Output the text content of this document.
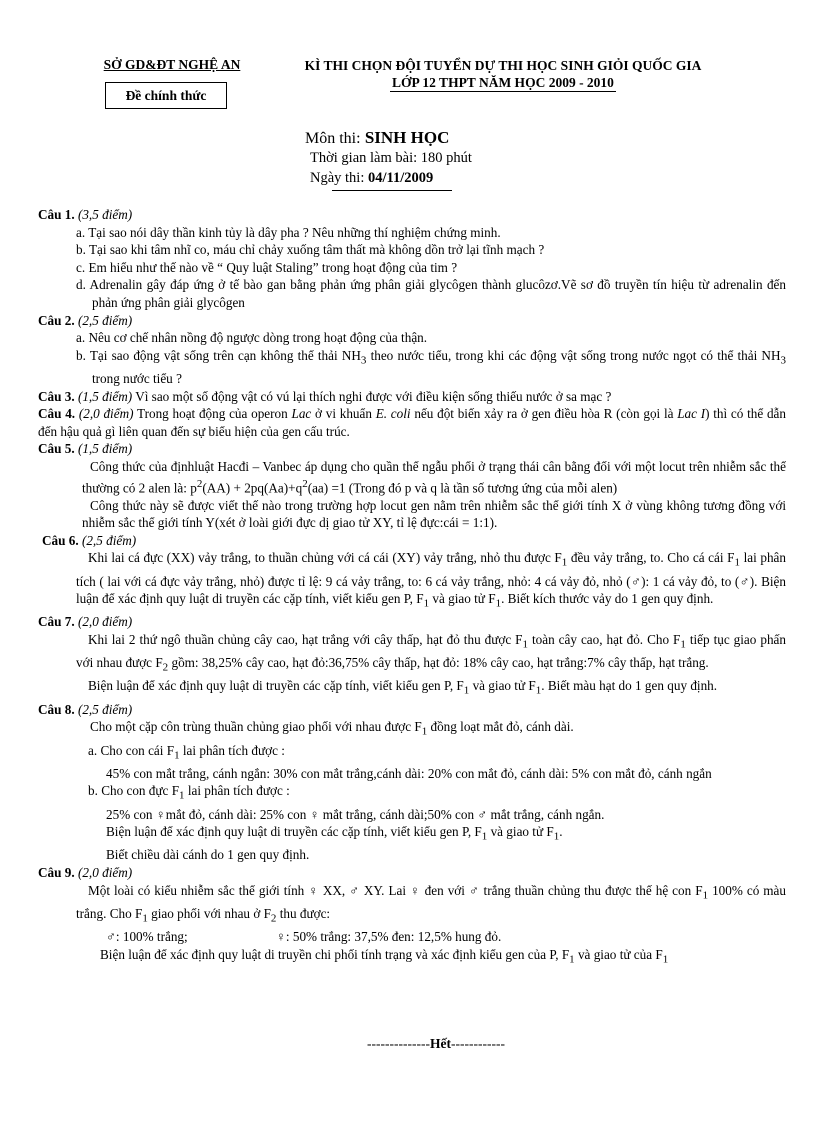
SỞ GD&ĐT NGHỆ AN
Đề chính thức
KÌ THI CHỌN ĐỘI TUYỂN DỰ THI HỌC SINH GIỎI QUỐC GIA
LỚP 12 THPT NĂM HỌC 2009 - 2010
Môn thi: SINH HỌC
Thời gian làm bài: 180 phút
Ngày thi: 04/11/2009
Câu 1. (3,5 điểm)
a. Tại sao nói dây thần kinh tủy là dây pha ? Nêu những thí nghiệm chứng minh.
b. Tại sao khi tâm nhĩ co, máu chỉ chảy xuống tâm thất mà không dồn trở lại tĩnh mạch ?
c. Em hiểu như thế nào về “ Quy luật Staling” trong hoạt động của tim ?
d. Adrenalin gây đáp ứng ở tế bào gan bằng phản ứng phân giải glycôgen thành glucôzơ.Vẽ sơ đồ truyền tín hiệu từ adrenalin đến phản ứng phân giải glycôgen
Câu 2. (2,5 điểm)
a. Nêu cơ chế nhân nồng độ ngược dòng trong hoạt động của thận.
b. Tại sao động vật sống trên cạn không thể thải $NH_3$ theo nước tiểu, trong khi các động vật sống trong nước ngọt có thể thải $NH_3$ trong nước tiểu ?
Câu 3. (1,5 điểm) Vì sao một số động vật có vú lại thích nghi được với điều kiện sống thiếu nước ở sa mạc ?
Câu 4. (2,0 điểm) Trong hoạt động của operon Lac ở vi khuẩn E. coli nếu đột biến xảy ra ở gen điều hòa R (còn gọi là Lac I) thì có thể dẫn đến hậu quả gì liên quan đến sự biểu hiện của gen cấu trúc.
Câu 5. (1,5 điểm)
Công thức của địnhluật Hacđi – Vanbec áp dụng cho quần thể ngẫu phối ở trạng thái cân bằng đối với một locut trên nhiễm sắc thể thường có 2 alen là: $p^2(AA) + 2pq(Aa)+q^2(aa) =1$ (Trong đó p và q là tần số tương ứng của mỗi alen)
Công thức này sẽ được viết thế nào trong trường hợp locut gen nằm trên nhiễm sắc thể giới tính X ở vùng không tương đồng với nhiễm sắc thể giới tính Y(xét ở loài giới đực dị giao tử XY, tỉ lệ đực:cái = 1:1).
Câu 6. (2,5 điểm)
Khi lai cá đực (XX) vảy trắng, to thuần chủng với cá cái (XY) vảy trắng, nhỏ thu được $F_1$ đều vảy trắng, to. Cho cá cái $F_1$ lai phân tích ( lai với cá đực vảy trắng, nhỏ) được tỉ lệ: 9 cá vảy trắng, to: 6 cá vảy trắng, nhỏ: 4 cá vảy đỏ, nhỏ (♂): 1 cá vảy đỏ, to (♂). Biện luận để xác định quy luật di truyền các cặp tính, viết kiểu gen P, $F_1$ và giao tử $F_1$. Biết kích thước vảy do 1 gen quy định.
Câu 7. (2,0 điểm)
Khi lai 2 thứ ngô thuần chủng cây cao, hạt trắng với cây thấp, hạt đỏ thu được $F_1$ toàn cây cao, hạt đỏ. Cho $F_1$ tiếp tục giao phấn với nhau được $F_2$ gồm: 38,25% cây cao, hạt đỏ:36,75% cây thấp, hạt đỏ: 18% cây cao, hạt trắng:7% cây thấp, hạt trắng.
Biện luận để xác định quy luật di truyền các cặp tính, viết kiểu gen P, $F_1$ và giao tử $F_1$. Biết màu hạt do 1 gen quy định.
Câu 8. (2,5 điểm)
Cho một cặp côn trùng thuần chủng giao phối với nhau được $F_1$ đồng loạt mắt đỏ, cánh dài.
a. Cho con cái $F_1$ lai phân tích được :
45% con mắt trắng, cánh ngắn: 30% con mắt trắng,cánh dài: 20% con mắt đỏ, cánh dài: 5% con mắt đỏ, cánh ngắn
b. Cho con đực $F_1$ lai phân tích được :
25% con ♀mắt đỏ, cánh dài: 25% con ♀ mắt trắng, cánh dài;50% con ♂ mắt trắng, cánh ngắn.
Biện luận để xác định quy luật di truyền các cặp tính, viết kiểu gen P, $F_1$ và giao tử $F_1$.
Biết chiều dài cánh do 1 gen quy định.
Câu 9. (2,0 điểm)
Một loài có kiểu nhiễm sắc thể giới tính ♀ XX, ♂ XY. Lai ♀ đen với ♂ trắng thuần chủng thu được thế hệ con $F_1$ 100% có màu trắng. Cho $F_1$ giao phối với nhau ở $F_2$ thu được:
♂: 100% trắng;	♀: 50% trắng: 37,5% đen: 12,5% hung đỏ.
Biện luận để xác định quy luật di truyền chi phối tính trạng và xác định kiểu gen của P, $F_1$ và giao tử của $F_1$
--------------Hết------------
